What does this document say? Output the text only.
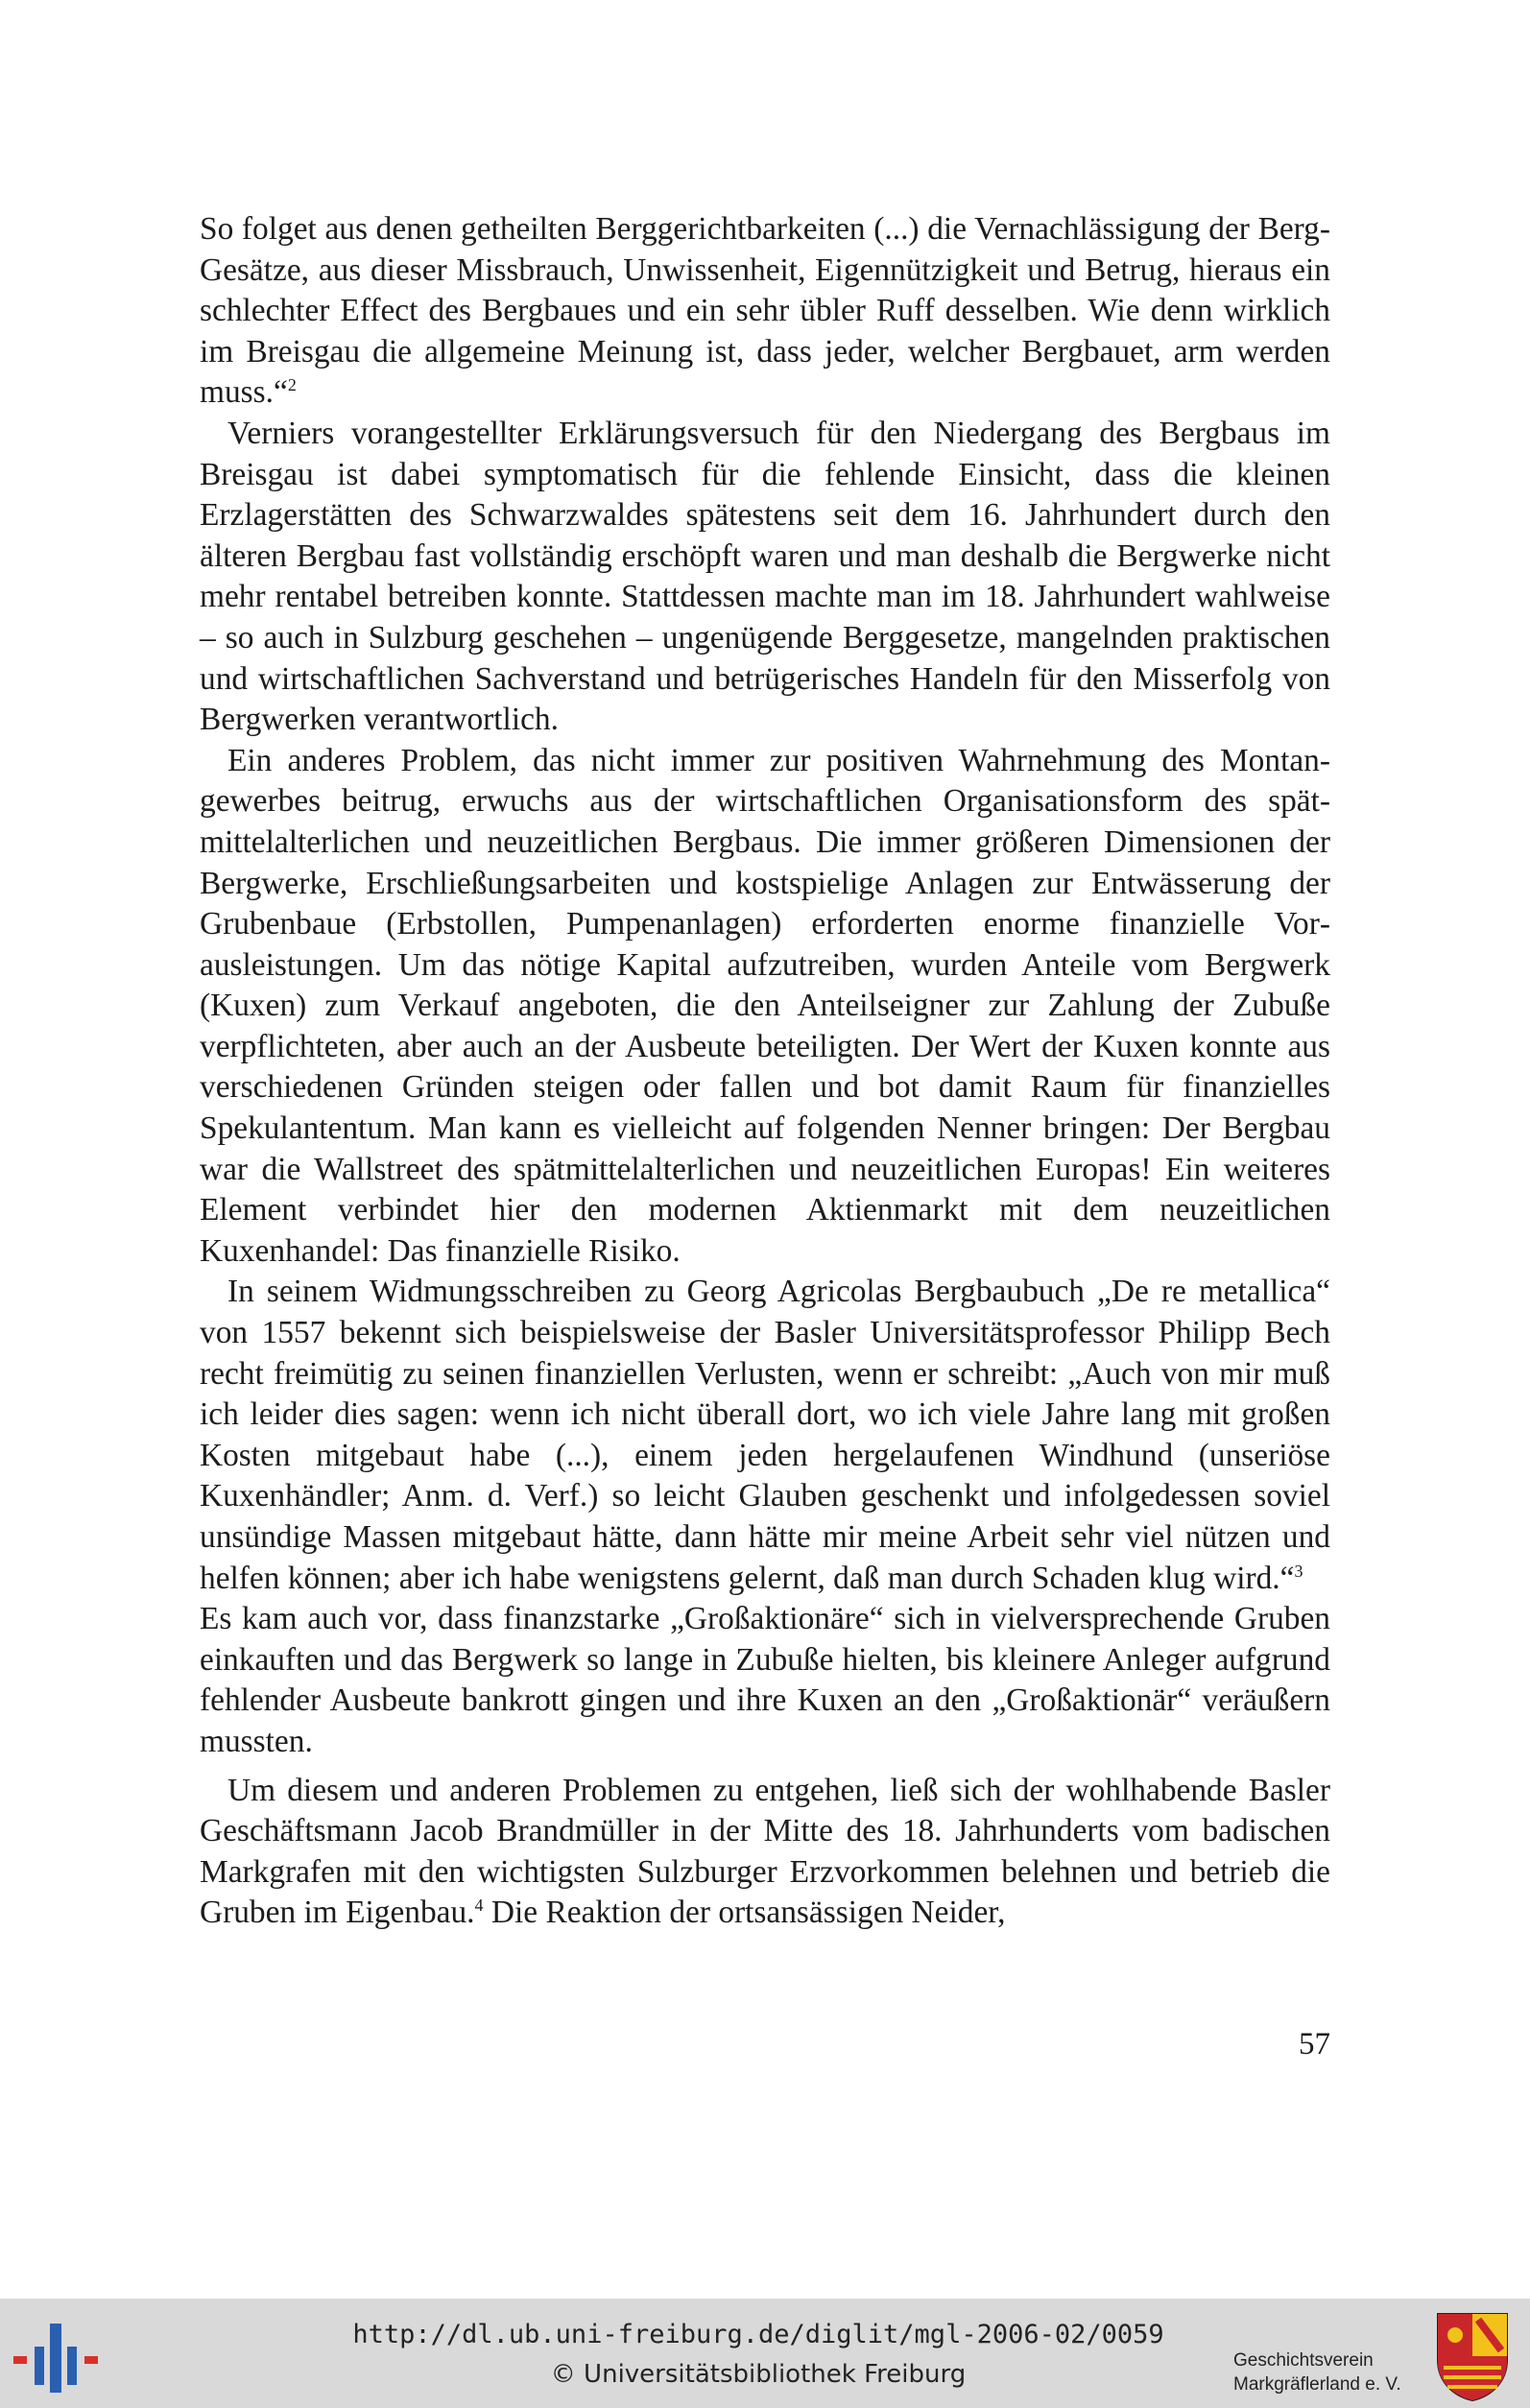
So folget aus denen getheilten Berggerichtbarkeiten (...) die Vernachlässigung der Berg-Gesätze, aus dieser Missbrauch, Unwissenheit, Eigennützigkeit und Betrug, hieraus ein schlechter Effect des Bergbaues und ein sehr übler Ruff desselben. Wie denn wirklich im Breisgau die allgemeine Meinung ist, dass jeder, welcher Bergbauet, arm werden muss.“$^2$

Verniers vorangestellter Erklärungsversuch für den Niedergang des Bergbaus im Breisgau ist dabei symptomatisch für die fehlende Einsicht, dass die kleinen Erzlagerstätten des Schwarzwaldes spätestens seit dem 16. Jahrhundert durch den älteren Bergbau fast vollständig erschöpft waren und man deshalb die Bergwerke nicht mehr rentabel betreiben konnte. Stattdessen machte man im 18. Jahrhundert wahlweise – so auch in Sulzburg geschehen – ungenügende Berggesetze, mangelnden praktischen und wirtschaftlichen Sachverstand und betrügerisches Handeln für den Misserfolg von Bergwerken verantwortlich.

Ein anderes Problem, das nicht immer zur positiven Wahrnehmung des Montangewerbes beitrug, erwuchs aus der wirtschaftlichen Organisationsform des spätmittelalterlichen und neuzeitlichen Bergbaus. Die immer größeren Dimensionen der Bergwerke, Erschließungsarbeiten und kostspielige Anlagen zur Entwässerung der Grubenbaue (Erbstollen, Pumpenanlagen) erforderten enorme finanzielle Vorausleistungen. Um das nötige Kapital aufzutreiben, wurden Anteile vom Bergwerk (Kuxen) zum Verkauf angeboten, die den Anteilseigner zur Zahlung der Zubuße verpflichteten, aber auch an der Ausbeute beteiligten. Der Wert der Kuxen konnte aus verschiedenen Gründen steigen oder fallen und bot damit Raum für finanzielles Spekulantentum. Man kann es vielleicht auf folgenden Nenner bringen: Der Bergbau war die Wallstreet des spätmittelalterlichen und neuzeitlichen Europas! Ein weiteres Element verbindet hier den modernen Aktienmarkt mit dem neuzeitlichen Kuxenhandel: Das finanzielle Risiko.

In seinem Widmungsschreiben zu Georg Agricolas Bergbaubuch „De re metallica“ von 1557 bekennt sich beispielsweise der Basler Universitätsprofessor Philipp Bech recht freimütig zu seinen finanziellen Verlusten, wenn er schreibt: „Auch von mir muß ich leider dies sagen: wenn ich nicht überall dort, wo ich viele Jahre lang mit großen Kosten mitgebaut habe (...), einem jeden hergelaufenen Windhund (unseriöse Kuxenhändler; Anm. d. Verf.) so leicht Glauben geschenkt und infolgedessen soviel unsündige Massen mitgebaut hätte, dann hätte mir meine Arbeit sehr viel nützen und helfen können; aber ich habe wenigstens gelernt, daß man durch Schaden klug wird.“$^3$

Es kam auch vor, dass finanzstarke „Großaktionäre“ sich in vielversprechende Gruben einkauften und das Bergwerk so lange in Zubuße hielten, bis kleinere Anleger aufgrund fehlender Ausbeute bankrott gingen und ihre Kuxen an den „Großaktionär“ veräußern mussten.

Um diesem und anderen Problemen zu entgehen, ließ sich der wohlhabende Basler Geschäftsmann Jacob Brandmüller in der Mitte des 18. Jahrhunderts vom badischen Markgrafen mit den wichtigsten Sulzburger Erzvorkommen belehnen und betrieb die Gruben im Eigenbau.$^4$ Die Reaktion der ortsansässigen Neider,

57
http://dl.ub.uni-freiburg.de/diglit/mgl-2006-02/0059
© Universitätsbibliothek Freiburg	Geschichtsverein
Markgräflerland e. V.
